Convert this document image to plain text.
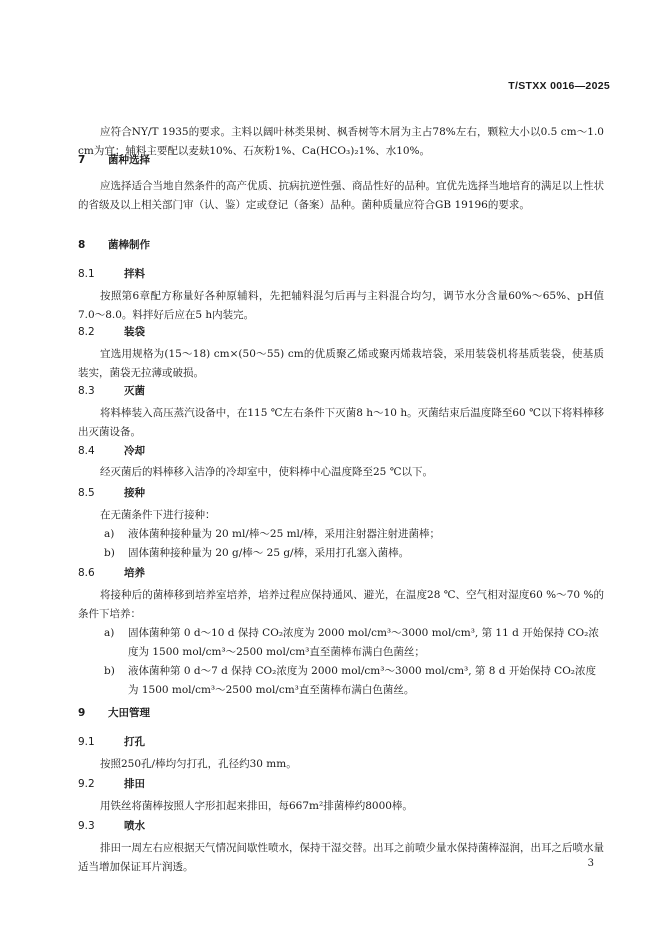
T/STXX 0016—2025

应符合NY/T 1935的要求。主料以阔叶林类果树、枫香树等木屑为主占78%左右，颗粒大小以0.5 cm～1.0 cm为宜；辅料主要配以麦麸10%、石灰粉1%、Ca(HCO₃)₂1%、水10%。

7 菌种选择

应选择适合当地自然条件的高产优质、抗病抗逆性强、商品性好的品种。宜优先选择当地培育的满足以上性状的省级及以上相关部门审（认、鉴）定或登记（备案）品种。菌种质量应符合GB 19196的要求。

8 菌棒制作
8.1	拌料

按照第6章配方称量好各种原辅料，先把辅料混匀后再与主料混合均匀，调节水分含量60%～65%、pH值7.0～8.0。料拌好后应在5 h内装完。

8.2	装袋

宜选用规格为(15～18) cm×(50～55) cm的优质聚乙烯或聚丙烯栽培袋，采用装袋机将基质装袋，使基质装实，菌袋无拉薄或破损。

8.3	灭菌

将料棒装入高压蒸汽设备中，在115 ℃左右条件下灭菌8 h～10 h。灭菌结束后温度降至60 ℃以下将料棒移出灭菌设备。

8.4	冷却

经灭菌后的料棒移入洁净的冷却室中，使料棒中心温度降至25 ℃以下。

8.5	接种

在无菌条件下进行接种：

a)	液体菌种接种量为 20 ml/棒～25 ml/棒，采用注射器注射进菌棒；
b)	固体菌种接种量为 20 g/棒～ 25 g/棒，采用打孔塞入菌棒。
8.6	培养

将接种后的菌棒移到培养室培养，培养过程应保持通风、避光，在温度28 ℃、空气相对湿度60 %～70 %的条件下培养：

a)	固体菌种第 0 d～10 d 保持 CO₂浓度为 2000 mol/cm³～3000 mol/cm³, 第 11 d 开始保持 CO₂浓度为 1500 mol/cm³～2500 mol/cm³直至菌棒布满白色菌丝；
b)	液体菌种第 0 d～7 d 保持 CO₂浓度为 2000 mol/cm³～3000 mol/cm³, 第 8 d 开始保持 CO₂浓度为 1500 mol/cm³～2500 mol/cm³直至菌棒布满白色菌丝。
9 大田管理
9.1	打孔

按照250孔/棒均匀打孔，孔径约30 mm。

9.2	排田

用铁丝将菌棒按照人字形扣起来排田，每667m²排菌棒约8000棒。

9.3	喷水

排田一周左右应根据天气情况间歇性喷水，保持干湿交替。出耳之前喷少量水保持菌棒湿润，出耳之后喷水量适当增加保证耳片润透。	3
